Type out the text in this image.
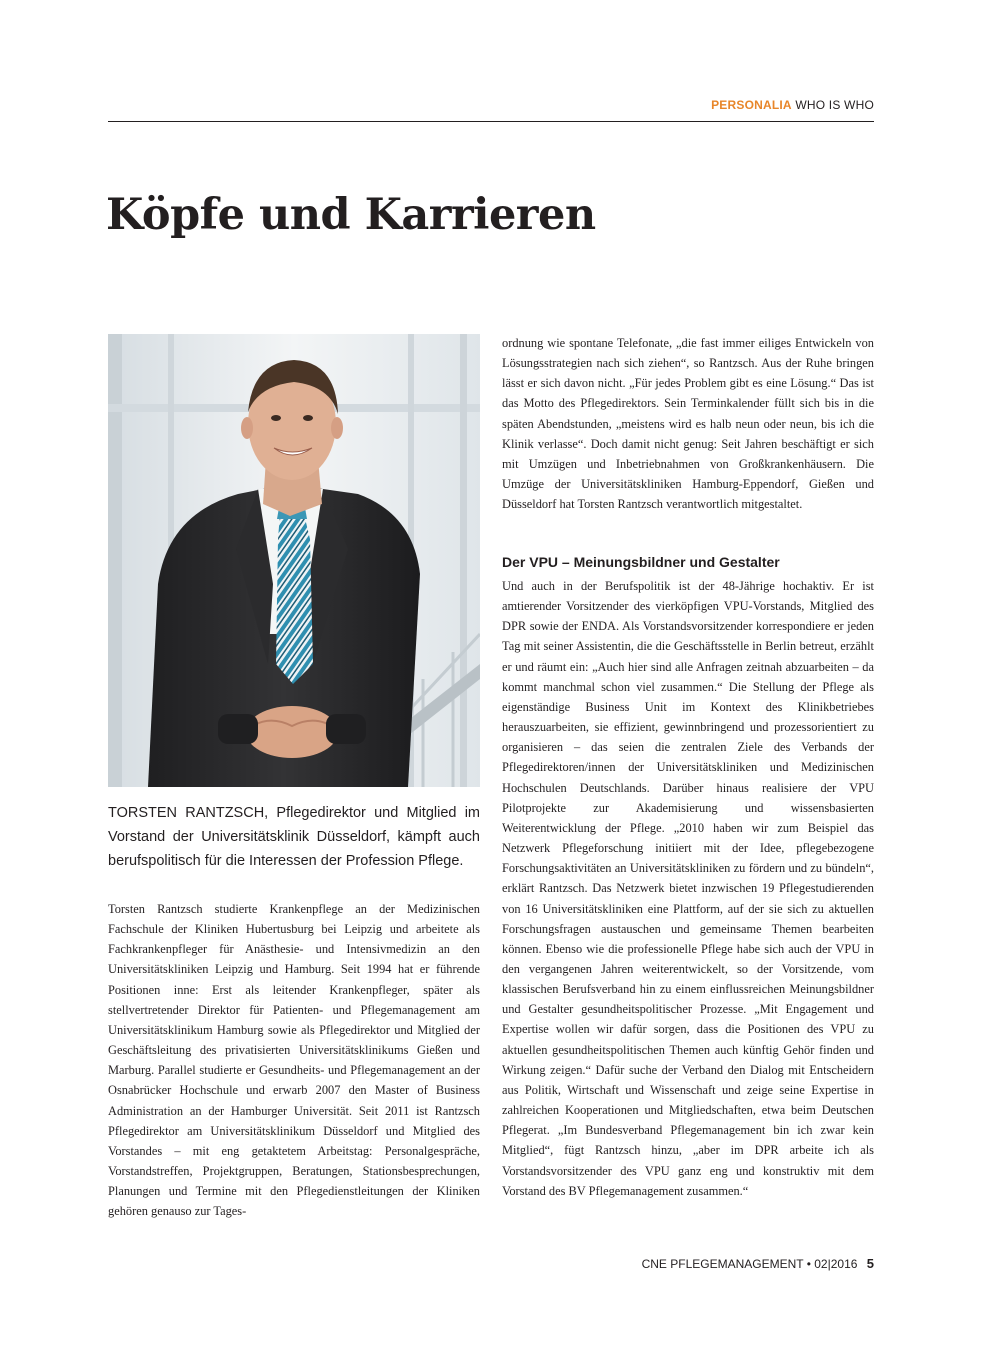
PERSONALIA WHO IS WHO
Köpfe und Karrieren
TORSTEN RANTZSCH, Pflegedirektor und Mitglied im Vorstand der Universitätsklinik Düsseldorf, kämpft auch berufspolitisch für die Interessen der Profession Pflege.

Torsten Rantzsch studierte Krankenpflege an der Medizinischen Fachschule der Kliniken Hubertusburg bei Leipzig und arbeitete als Fachkrankenpfleger für Anästhesie- und Intensivmedizin an den Universitätskliniken Leipzig und Hamburg. Seit 1994 hat er führende Positionen inne: Erst als leitender Krankenpfleger, später als stellvertretender Direktor für Patienten- und Pflegemanagement am Universitätsklinikum Hamburg sowie als Pflegedirektor und Mitglied der Geschäftsleitung des privatisierten Universitätsklinikums Gießen und Marburg. Parallel studierte er Gesundheits- und Pflegemanagement an der Osnabrücker Hochschule und erwarb 2007 den Master of Business Administration an der Hamburger Universität. Seit 2011 ist Rantzsch Pflegedirektor am Universitätsklinikum Düsseldorf und Mitglied des Vorstandes – mit eng getaktetem Arbeitstag: Personalgespräche, Vorstandstreffen, Projektgruppen, Beratungen, Stationsbesprechungen, Planungen und Termine mit den Pflegedienstleitungen der Kliniken gehören genauso zur Tages-

ordnung wie spontane Telefonate, „die fast immer eiliges Entwickeln von Lösungsstrategien nach sich ziehen“, so Rantzsch. Aus der Ruhe bringen lässt er sich davon nicht. „Für jedes Problem gibt es eine Lösung.“ Das ist das Motto des Pflegedirektors. Sein Terminkalender füllt sich bis in die späten Abendstunden, „meistens wird es halb neun oder neun, bis ich die Klinik verlasse“. Doch damit nicht genug: Seit Jahren beschäftigt er sich mit Umzügen und Inbetriebnahmen von Großkrankenhäusern. Die Umzüge der Universitätskliniken Hamburg-Eppendorf, Gießen und Düsseldorf hat Torsten Rantzsch verantwortlich mitgestaltet.

Der VPU – Meinungsbildner und Gestalter

Und auch in der Berufspolitik ist der 48-Jährige hochaktiv. Er ist amtierender Vorsitzender des vierköpfigen VPU-Vorstands, Mitglied des DPR sowie der ENDA. Als Vorstandsvorsitzender korrespondiere er jeden Tag mit seiner Assistentin, die die Geschäftsstelle in Berlin betreut, erzählt er und räumt ein: „Auch hier sind alle Anfragen zeitnah abzuarbeiten – da kommt manchmal schon viel zusammen.“ Die Stellung der Pflege als eigenständige Business Unit im Kontext des Klinikbetriebes herauszuarbeiten, sie effizient, gewinnbringend und prozessorientiert zu organisieren – das seien die zentralen Ziele des Verbands der Pflegedirektoren/innen der Universitätskliniken und Medizinischen Hochschulen Deutschlands. Darüber hinaus realisiere der VPU Pilotprojekte zur Akademisierung und wissensbasierten Weiterentwicklung der Pflege. „2010 haben wir zum Beispiel das Netzwerk Pflegeforschung initiiert mit der Idee, pflegebezogene Forschungsaktivitäten an Universitätskliniken zu fördern und zu bündeln“, erklärt Rantzsch. Das Netzwerk bietet inzwischen 19 Pflegestudierenden von 16 Universitätskliniken eine Plattform, auf der sie sich zu aktuellen Forschungsfragen austauschen und gemeinsame Themen bearbeiten können. Ebenso wie die professionelle Pflege habe sich auch der VPU in den vergangenen Jahren weiterentwickelt, so der Vorsitzende, vom klassischen Berufsverband hin zu einem einflussreichen Meinungsbildner und Gestalter gesundheitspolitischer Prozesse. „Mit Engagement und Expertise wollen wir dafür sorgen, dass die Positionen des VPU zu aktuellen gesundheitspolitischen Themen auch künftig Gehör finden und Wirkung zeigen.“ Dafür suche der Verband den Dialog mit Entscheidern aus Politik, Wirtschaft und Wissenschaft und zeige seine Expertise in zahlreichen Kooperationen und Mitgliedschaften, etwa beim Deutschen Pflegerat. „Im Bundesverband Pflegemanagement bin ich zwar kein Mitglied“, fügt Rantzsch hinzu, „aber im DPR arbeite ich als Vorstandsvorsitzender des VPU ganz eng und konstruktiv mit dem Vorstand des BV Pflegemanagement zusammen.“

CNE PFLEGEMANAGEMENT • 02|2016 5
